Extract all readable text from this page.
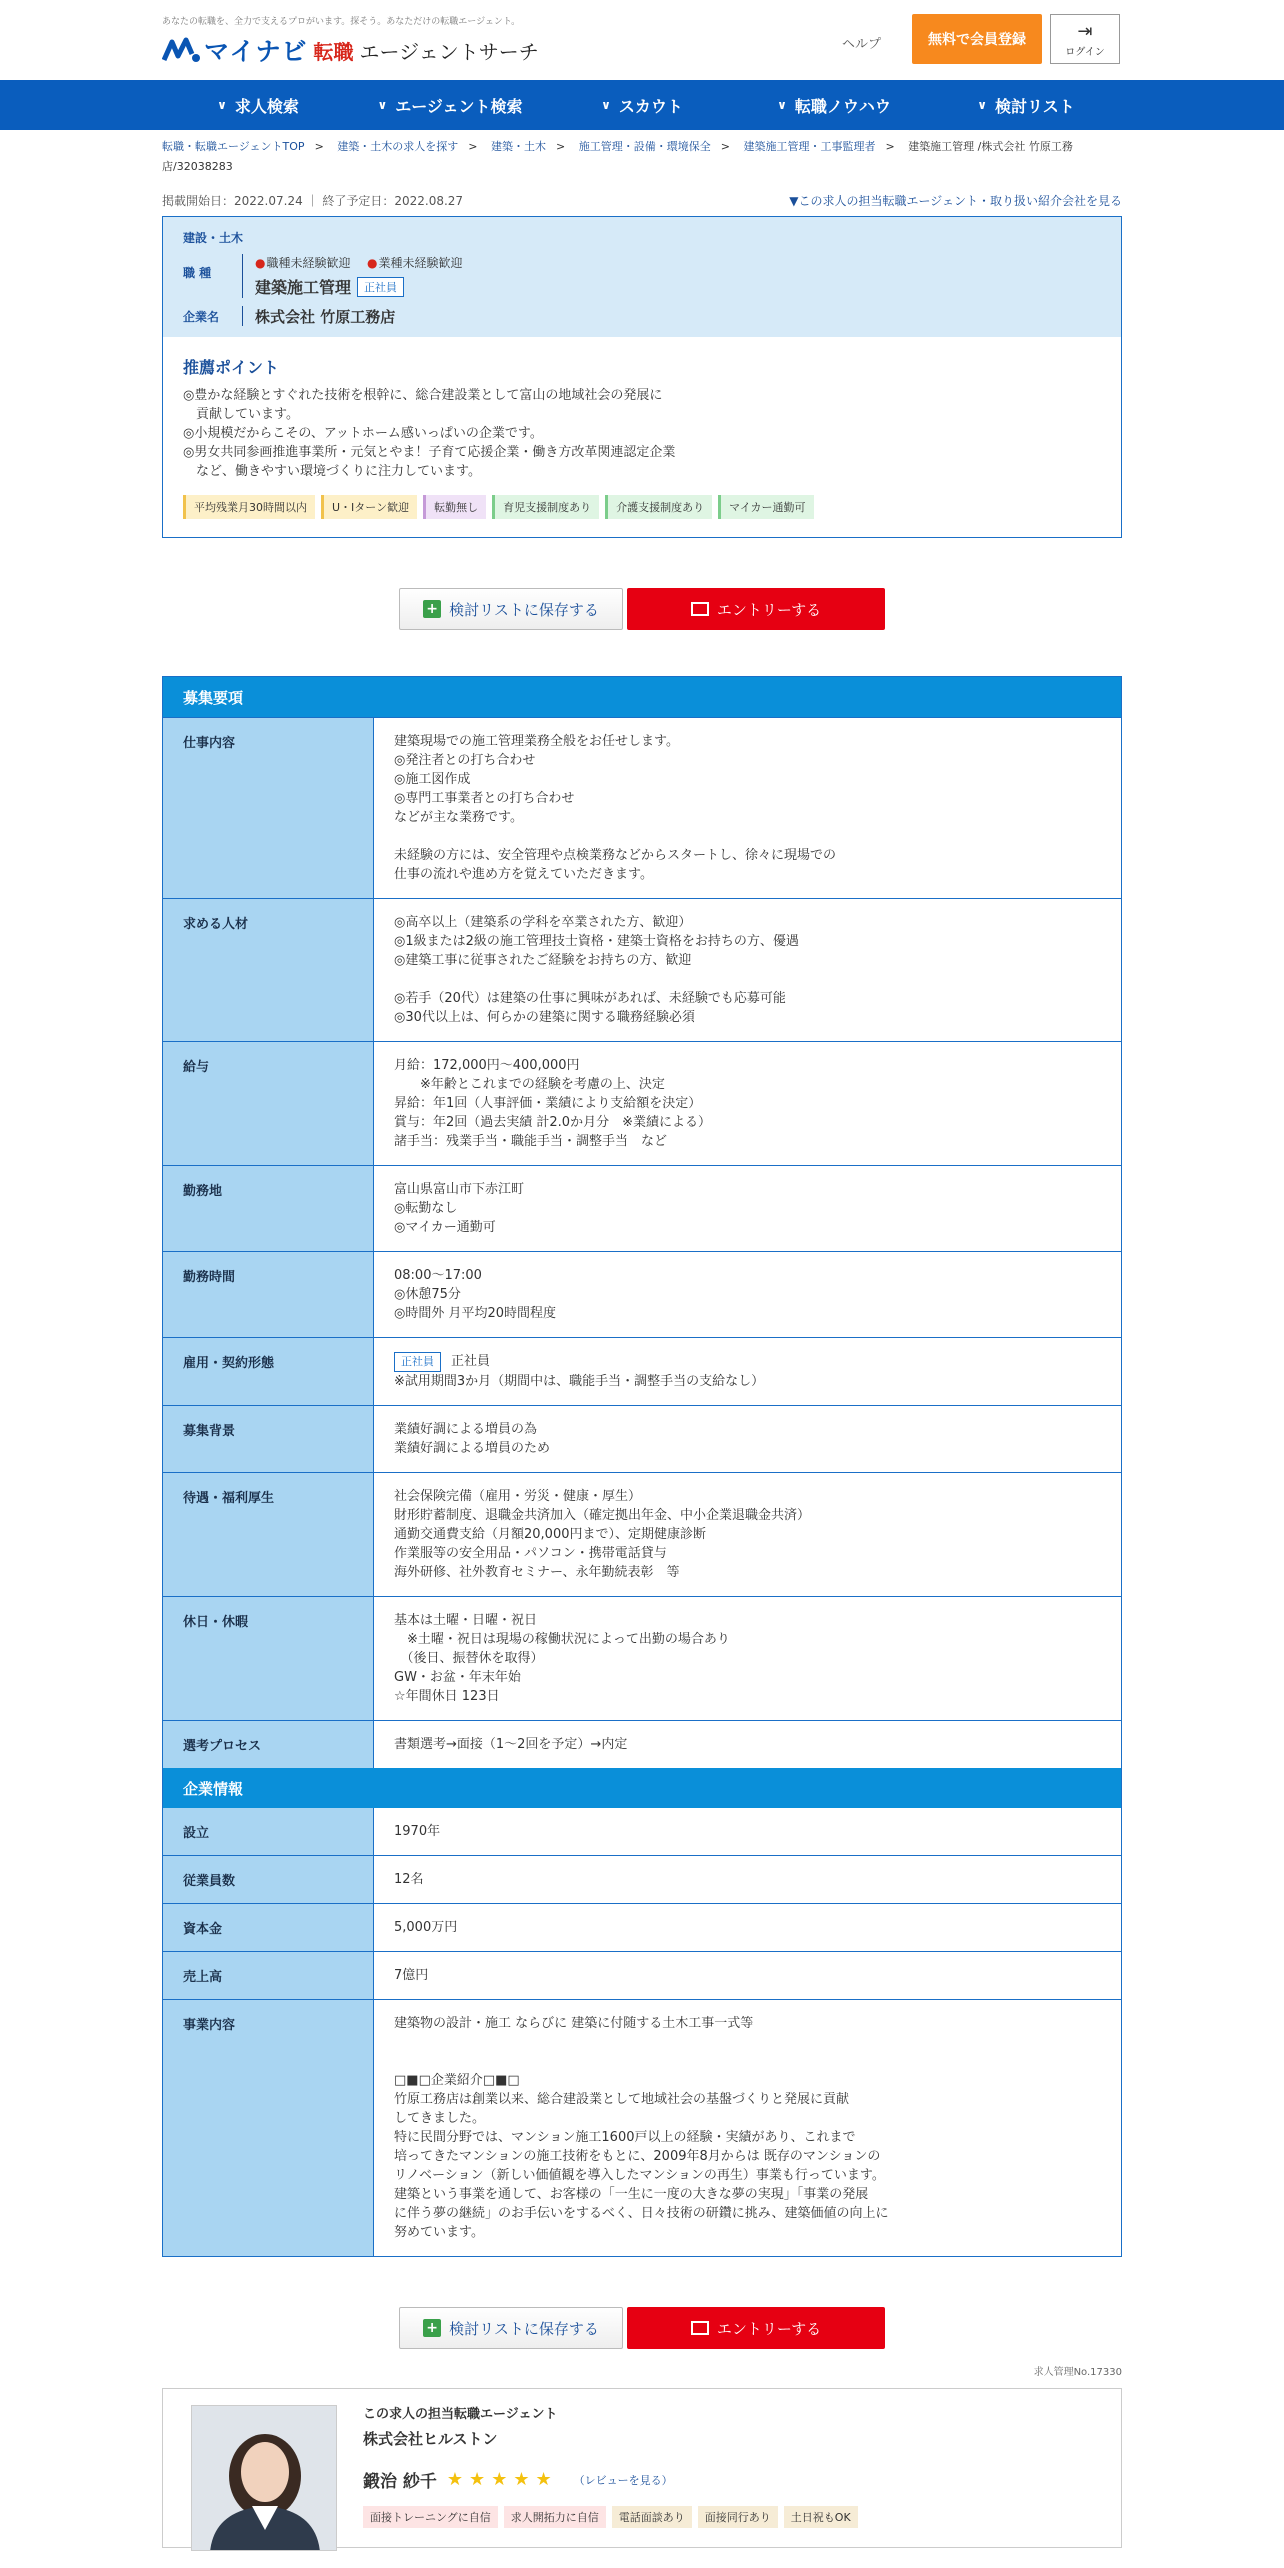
あなたの転職を、全力で支えるプロがいます。探そう。あなただけの転職エージェント。
マイナビ 転職 エージェントサーチ	ヘルプ	無料で会員登録	⇥
ログイン
∨ 求人検索	∨ エージェント検索	∨ スカウト	∨ 転職ノウハウ	∨ 検討リスト
転職・転職エージェントTOP > 建築・土木の求人を探す > 建築・土木 > 施工管理・設備・環境保全 > 建築施工管理・工事監理者 > 建築施工管理 /株式会社 竹原工務店/32038283
掲載開始日：2022.07.24 ｜ 終了予定日：2022.08.27	▼この求人の担当転職エージェント・取り扱い紹介会社を見る
建設・土木
職 種
●職種未経験歓迎 ●業種未経験歓迎
建築施工管理	正社員
企業名	株式会社 竹原工務店
推薦ポイント
◎豊かな経験とすぐれた技術を根幹に、総合建設業として富山の地域社会の発展に
　貢献しています。
◎小規模だからこその、アットホーム感いっぱいの企業です。
◎男女共同参画推進事業所・元気とやま！子育て応援企業・働き方改革関連認定企業
　など、働きやすい環境づくりに注力しています。
平均残業月30時間以内	U・Iターン歓迎	転勤無し	育児支援制度あり	介護支援制度あり	マイカー通勤可
+ 検討リストに保存する	エントリーする
募集要項
仕事内容	建築現場での施工管理業務全般をお任せします。
◎発注者との打ち合わせ
◎施工図作成
◎専門工事業者との打ち合わせ
などが主な業務です。

未経験の方には、安全管理や点検業務などからスタートし、徐々に現場での
仕事の流れや進め方を覚えていただきます。
求める人材	◎高卒以上（建築系の学科を卒業された方、歓迎）
◎1級または2級の施工管理技士資格・建築士資格をお持ちの方、優遇
◎建築工事に従事されたご経験をお持ちの方、歓迎

◎若手（20代）は建築の仕事に興味があれば、未経験でも応募可能
◎30代以上は、何らかの建築に関する職務経験必須
給与	月給：172,000円～400,000円
　　※年齢とこれまでの経験を考慮の上、決定
昇給：年1回（人事評価・業績により支給額を決定）
賞与：年2回（過去実績 計2.0か月分　※業績による）
諸手当：残業手当・職能手当・調整手当　など
勤務地	富山県富山市下赤江町
◎転勤なし
◎マイカー通勤可
勤務時間	08:00～17:00
◎休憩75分
◎時間外 月平均20時間程度
雇用・契約形態	正社員 正社員
※試用期間3か月（期間中は、職能手当・調整手当の支給なし）
募集背景	業績好調による増員の為
業績好調による増員のため
待遇・福利厚生	社会保険完備（雇用・労災・健康・厚生）
財形貯蓄制度、退職金共済加入（確定拠出年金、中小企業退職金共済）
通勤交通費支給（月額20,000円まで）、定期健康診断
作業服等の安全用品・パソコン・携帯電話貸与
海外研修、社外教育セミナー、永年勤続表彰　等
休日・休暇	基本は土曜・日曜・祝日
　※土曜・祝日は現場の稼働状況によって出勤の場合あり
　（後日、振替休を取得）
GW・お盆・年末年始
☆年間休日 123日
選考プロセス	書類選考→面接（1～2回を予定）→内定
企業情報
設立	1970年
従業員数	12名
資本金	5,000万円
売上高	7億円
事業内容	建築物の設計・施工 ならびに 建築に付随する土木工事一式等

□■□企業紹介□■□
竹原工務店は創業以来、総合建設業として地域社会の基盤づくりと発展に貢献
してきました。
特に民間分野では、マンション施工1600戸以上の経験・実績があり、これまで
培ってきたマンションの施工技術をもとに、2009年8月からは 既存のマンションの
リノベーション（新しい価値観を導入したマンションの再生）事業も行っています。
建築という事業を通して、お客様の「一生に一度の大きな夢の実現」「事業の発展
に伴う夢の継続」のお手伝いをするべく、日々技術の研鑽に挑み、建築価値の向上に
努めています。
+ 検討リストに保存する	エントリーする
求人管理No.17330
この求人の担当転職エージェント
株式会社ヒルストン
鍛治 紗千 ★★★★★ （レビューを見る）
面接トレーニングに自信	求人開拓力に自信	電話面談あり	面接同行あり	土日祝もOK
